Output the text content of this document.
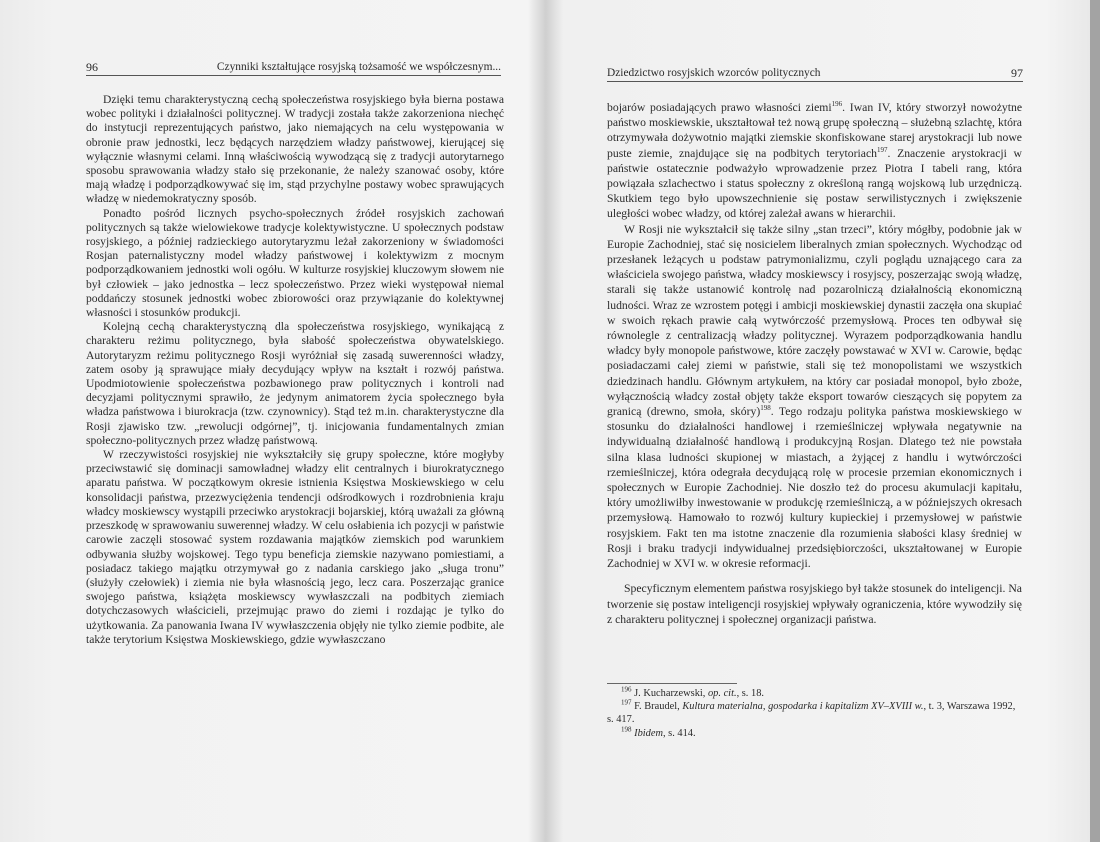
96	Czynniki kształtujące rosyjską tożsamość we współczesnym...

Dzięki temu charakterystyczną cechą społeczeństwa rosyjskiego była bierna postawa wobec polityki i działalności politycznej. W tradycji została także zakorzeniona niechęć do instytucji reprezentujących państwo, jako niemających na celu występowania w obronie praw jednostki, lecz będących narzędziem władzy państwowej, kierującej się wyłącznie własnymi celami. Inną właściwością wywodzącą się z tradycji autorytarnego sposobu sprawowania władzy stało się przekonanie, że należy szanować osoby, które mają władzę i podporządkowywać się im, stąd przychylne postawy wobec sprawujących władzę w niedemokratyczny sposób.

Ponadto pośród licznych psycho-społecznych źródeł rosyjskich zachowań politycznych są także wielowiekowe tradycje kolektywistyczne. U społecznych podstaw rosyjskiego, a później radzieckiego autorytaryzmu leżał zakorzeniony w świadomości Rosjan paternalistyczny model władzy państwowej i kolektywizm z mocnym podporządkowaniem jednostki woli ogółu. W kulturze rosyjskiej kluczowym słowem nie był człowiek – jako jednostka – lecz społeczeństwo. Przez wieki występował niemal poddańczy stosunek jednostki wobec zbiorowości oraz przywiązanie do kolektywnej własności i stosunków produkcji.

Kolejną cechą charakterystyczną dla społeczeństwa rosyjskiego, wynikającą z charakteru reżimu politycznego, była słabość społeczeństwa obywatelskiego. Autorytaryzm reżimu politycznego Rosji wyróżniał się zasadą suwerenności władzy, zatem osoby ją sprawujące miały decydujący wpływ na kształt i rozwój państwa. Upodmiotowienie społeczeństwa pozbawionego praw politycznych i kontroli nad decyzjami politycznymi sprawiło, że jedynym animatorem życia społecznego była władza państwowa i biurokracja (tzw. czynowniсy). Stąd też m.in. charakterystyczne dla Rosji zjawisko tzw. „rewolucji odgórnej”, tj. inicjowania fundamentalnych zmian społeczno-politycznych przez władzę państwową.

W rzeczywistości rosyjskiej nie wykształciły się grupy społeczne, które mogłyby przeciwstawić się dominacji samowładnej władzy elit centralnych i biurokratycznego aparatu państwa. W początkowym okresie istnienia Księstwa Moskiewskiego w celu konsolidacji państwa, przezwyciężenia tendencji odśrodkowych i rozdrobnienia kraju władcy moskiewscy wystąpili przeciwko arystokracji bojarskiej, którą uważali za główną przeszkodę w sprawowaniu suwerennej władzy. W celu osłabienia ich pozycji w państwie carowie zaczęli stosować system rozdawania majątków ziemskich pod warunkiem odbywania służby wojskowej. Tego typu beneficja ziemskie nazywano pomiestiami, a posiadacz takiego majątku otrzymywał go z nadania carskiego jako „sługa tronu” (służyły czełowiek) i ziemia nie była własnością jego, lecz cara. Poszerzając granice swojego państwa, książęta moskiewscy wywłaszczali na podbitych ziemiach dotychczasowych właścicieli, przejmując prawo do ziemi i rozdając je tylko do użytkowania. Za panowania Iwana IV wywłaszczenia objęły nie tylko ziemie podbite, ale także terytorium Księstwa Moskiewskiego, gdzie wywłaszczano

Dziedzictwo rosyjskich wzorców politycznych	97

bojarów posiadających prawo własności ziemi$^{196}$. Iwan IV, który stworzył nowożytne państwo moskiewskie, ukształtował też nową grupę społeczną – służebną szlachtę, która otrzymywała dożywotnio majątki ziemskie skonfiskowane starej arystokracji lub nowe puste ziemie, znajdujące się na podbitych terytoriach$^{197}$. Znaczenie arystokracji w państwie ostatecznie podważyło wprowadzenie przez Piotra I tabeli rang, która powiązała szlachectwo i status społeczny z określoną rangą wojskową lub urzędniczą. Skutkiem tego było upowszechnienie się postaw serwilistycznych i zwiększenie uległości wobec władzy, od której zależał awans w hierarchii.

W Rosji nie wykształcił się także silny „stan trzeci”, który mógłby, podobnie jak w Europie Zachodniej, stać się nosicielem liberalnych zmian społecznych. Wychodząc od przesłanek leżących u podstaw patrymonializmu, czyli poglądu uznającego cara za właściciela swojego państwa, władcy moskiewscy i rosyjscy, poszerzając swoją władzę, starali się także ustanowić kontrolę nad pozarolniczą działalnością ekonomiczną ludności. Wraz ze wzrostem potęgi i ambicji moskiewskiej dynastii zaczęła ona skupiać w swoich rękach prawie całą wytwórczość przemysłową. Proces ten odbywał się równolegle z centralizacją władzy politycznej. Wyrazem podporządkowania handlu władcy były monopole państwowe, które zaczęły powstawać w XVI w. Carowie, będąc posiadaczami całej ziemi w państwie, stali się też monopolistami we wszystkich dziedzinach handlu. Głównym artykułem, na który car posiadał monopol, było zboże, wyłącznością władcy został objęty także eksport towarów cieszących się popytem za granicą (drewno, smoła, skóry)$^{198}$. Tego rodzaju polityka państwa moskiewskiego w stosunku do działalności handlowej i rzemieślniczej wpływała negatywnie na indywidualną działalność handlową i produkcyjną Rosjan. Dlatego też nie powstała silna klasa ludności skupionej w miastach, a żyjącej z handlu i wytwórczości rzemieślniczej, która odegrała decydującą rolę w procesie przemian ekonomicznych i społecznych w Europie Zachodniej. Nie doszło też do procesu akumulacji kapitału, który umożliwiłby inwestowanie w produkcję rzemieślniczą, a w późniejszych okresach przemysłową. Hamowało to rozwój kultury kupieckiej i przemysłowej w państwie rosyjskiem. Fakt ten ma istotne znaczenie dla rozumienia słabości klasy średniej w Rosji i braku tradycji indywidualnej przedsiębiorczości, ukształtowanej w Europie Zachodniej w XVI w. w okresie reformacji.

Specyficznym elementem państwa rosyjskiego był także stosunek do inteligencji. Na tworzenie się postaw inteligencji rosyjskiej wpływały ograniczenia, które wywodziły się z charakteru politycznej i społecznej organizacji państwa.

$^{196}$ J. Kucharzewski, op. cit., s. 18.

$^{197}$ F. Braudel, Kultura materialna, gospodarka i kapitalizm XV–XVIII w., t. 3, Warszawa 1992, s. 417.

$^{198}$ Ibidem, s. 414.
